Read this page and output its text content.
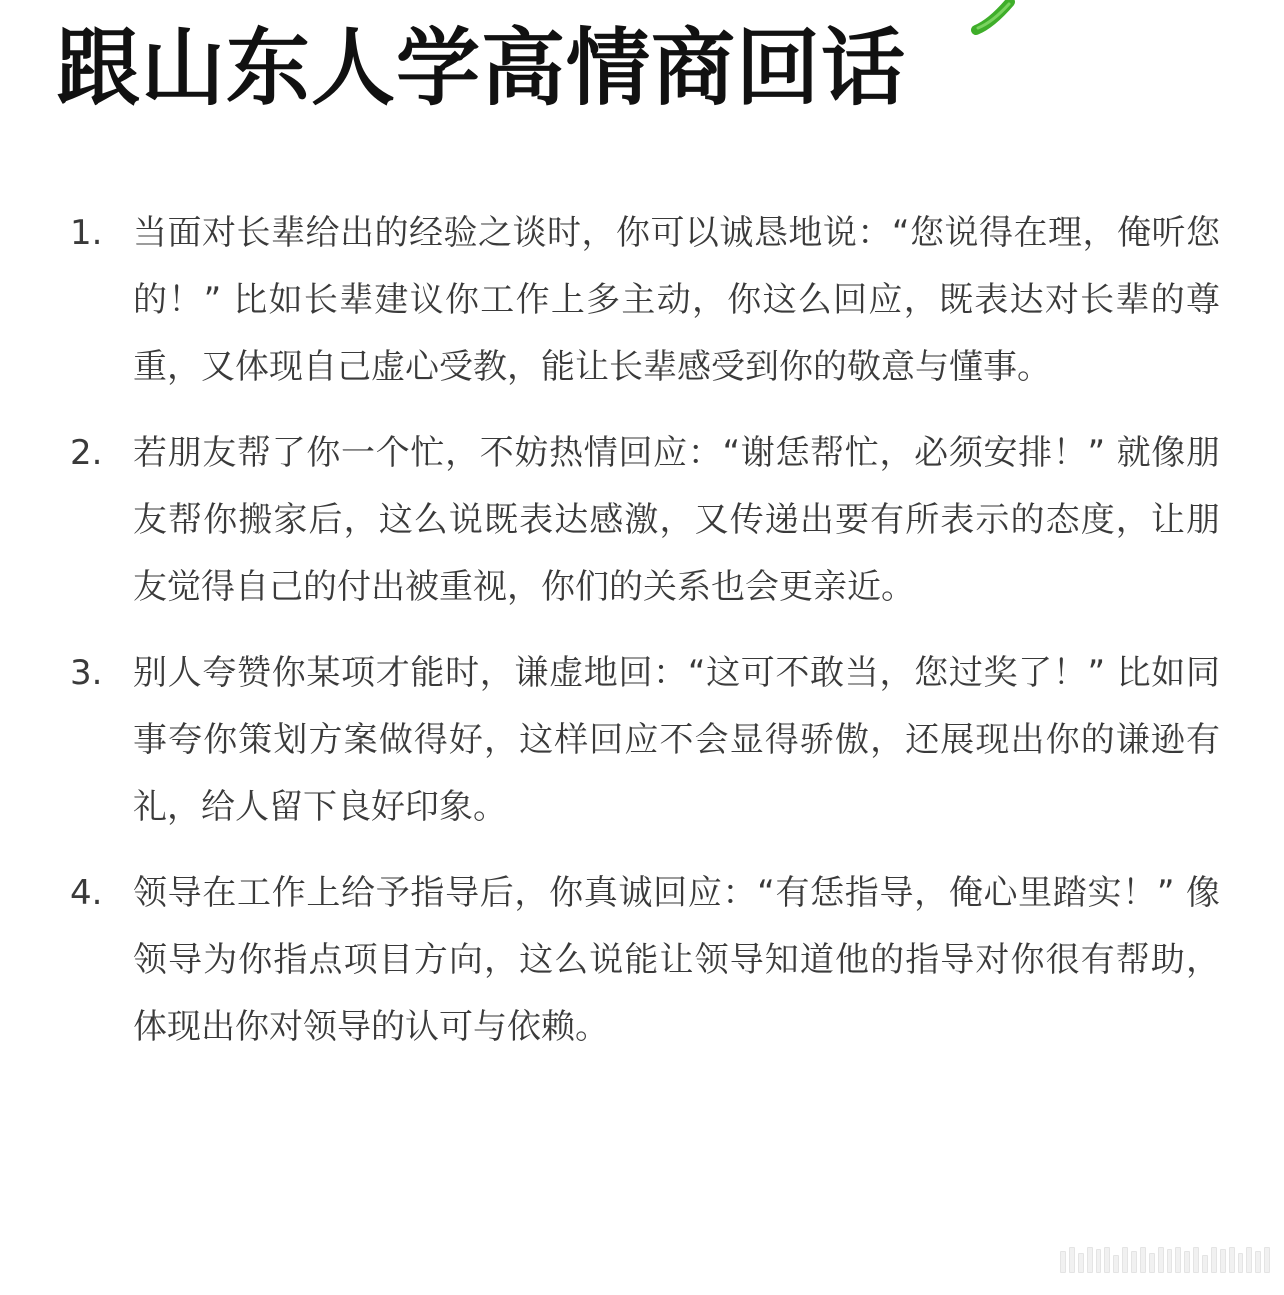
跟山东人学高情商回话
1. 当面对长辈给出的经验之谈时，你可以诚恳地说：“您说得在理，俺听您的！” 比如长辈建议你工作上多主动，你这么回应，既表达对长辈的尊重，又体现自己虚心受教，能让长辈感受到你的敬意与懂事。

2. 若朋友帮了你一个忙，不妨热情回应：“谢恁帮忙，必须安排！” 就像朋友帮你搬家后，这么说既表达感激，又传递出要有所表示的态度，让朋友觉得自己的付出被重视，你们的关系也会更亲近。

3. 别人夸赞你某项才能时，谦虚地回：“这可不敢当，您过奖了！” 比如同事夸你策划方案做得好，这样回应不会显得骄傲，还展现出你的谦逊有礼，给人留下良好印象。

4. 领导在工作上给予指导后，你真诚回应：“有恁指导，俺心里踏实！” 像领导为你指点项目方向，这么说能让领导知道他的指导对你很有帮助，体现出你对领导的认可与依赖。
